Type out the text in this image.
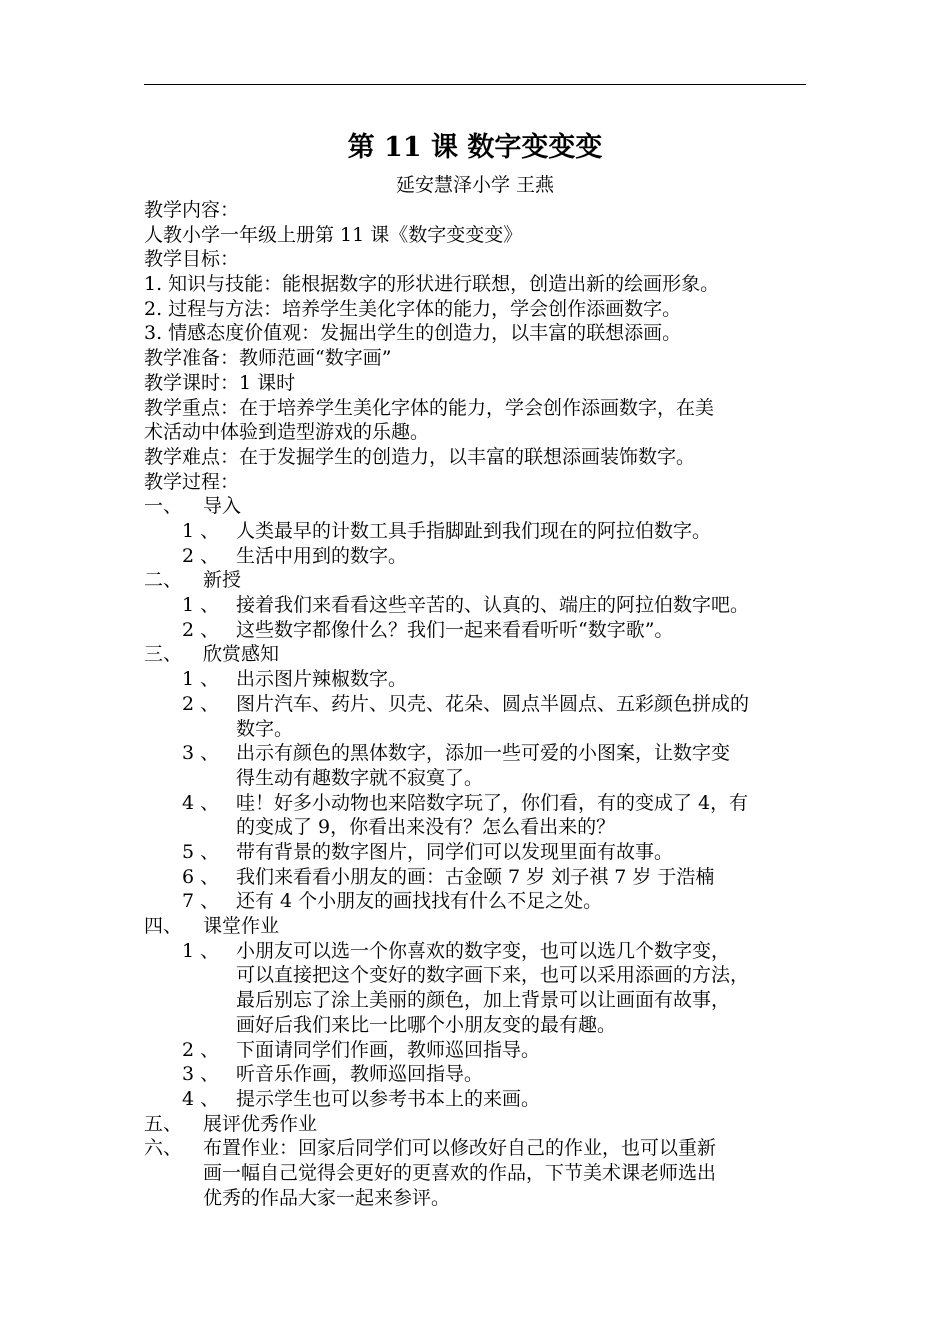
第 11 课 数字变变变
延安慧泽小学 王燕
教学内容：
人教小学一年级上册第 11 课《数字变变变》
教学目标：
1. 知识与技能：能根据数字的形状进行联想，创造出新的绘画形象。
2. 过程与方法：培养学生美化字体的能力，学会创作添画数字。
3. 情感态度价值观：发掘出学生的创造力，以丰富的联想添画。
教学准备：教师范画“数字画”
教学课时：1 课时
教学重点：在于培养学生美化字体的能力，学会创作添画数字，在美
术活动中体验到造型游戏的乐趣。
教学难点：在于发掘学生的创造力，以丰富的联想添画装饰数字。
教学过程：
一、	导入
1 、 人类最早的计数工具手指脚趾到我们现在的阿拉伯数字。
2 、 生活中用到的数字。
二、	新授
1 、 接着我们来看看这些辛苦的、认真的、端庄的阿拉伯数字吧。
2 、 这些数字都像什么？我们一起来看看听听“数字歌”。
三、	欣赏感知
1 、 出示图片辣椒数字。
2 、 图片汽车、药片、贝壳、花朵、圆点半圆点、五彩颜色拼成的
数字。
3 、 出示有颜色的黑体数字，添加一些可爱的小图案，让数字变
得生动有趣数字就不寂寞了。
4 、 哇！好多小动物也来陪数字玩了，你们看，有的变成了 4，有
的变成了 9，你看出来没有？怎么看出来的？
5 、 带有背景的数字图片，同学们可以发现里面有故事。
6 、 我们来看看小朋友的画：古金颐 7 岁 刘子祺 7 岁 于浩楠
7 、 还有 4 个小朋友的画找找有什么不足之处。
四、	课堂作业
1 、 小朋友可以选一个你喜欢的数字变，也可以选几个数字变，
可以直接把这个变好的数字画下来，也可以采用添画的方法，
最后别忘了涂上美丽的颜色，加上背景可以让画面有故事，
画好后我们来比一比哪个小朋友变的最有趣。
2 、 下面请同学们作画，教师巡回指导。
3 、 听音乐作画，教师巡回指导。
4 、 提示学生也可以参考书本上的来画。
五、	展评优秀作业
六、	布置作业：回家后同学们可以修改好自己的作业，也可以重新
画一幅自己觉得会更好的更喜欢的作品，下节美术课老师选出
优秀的作品大家一起来参评。
